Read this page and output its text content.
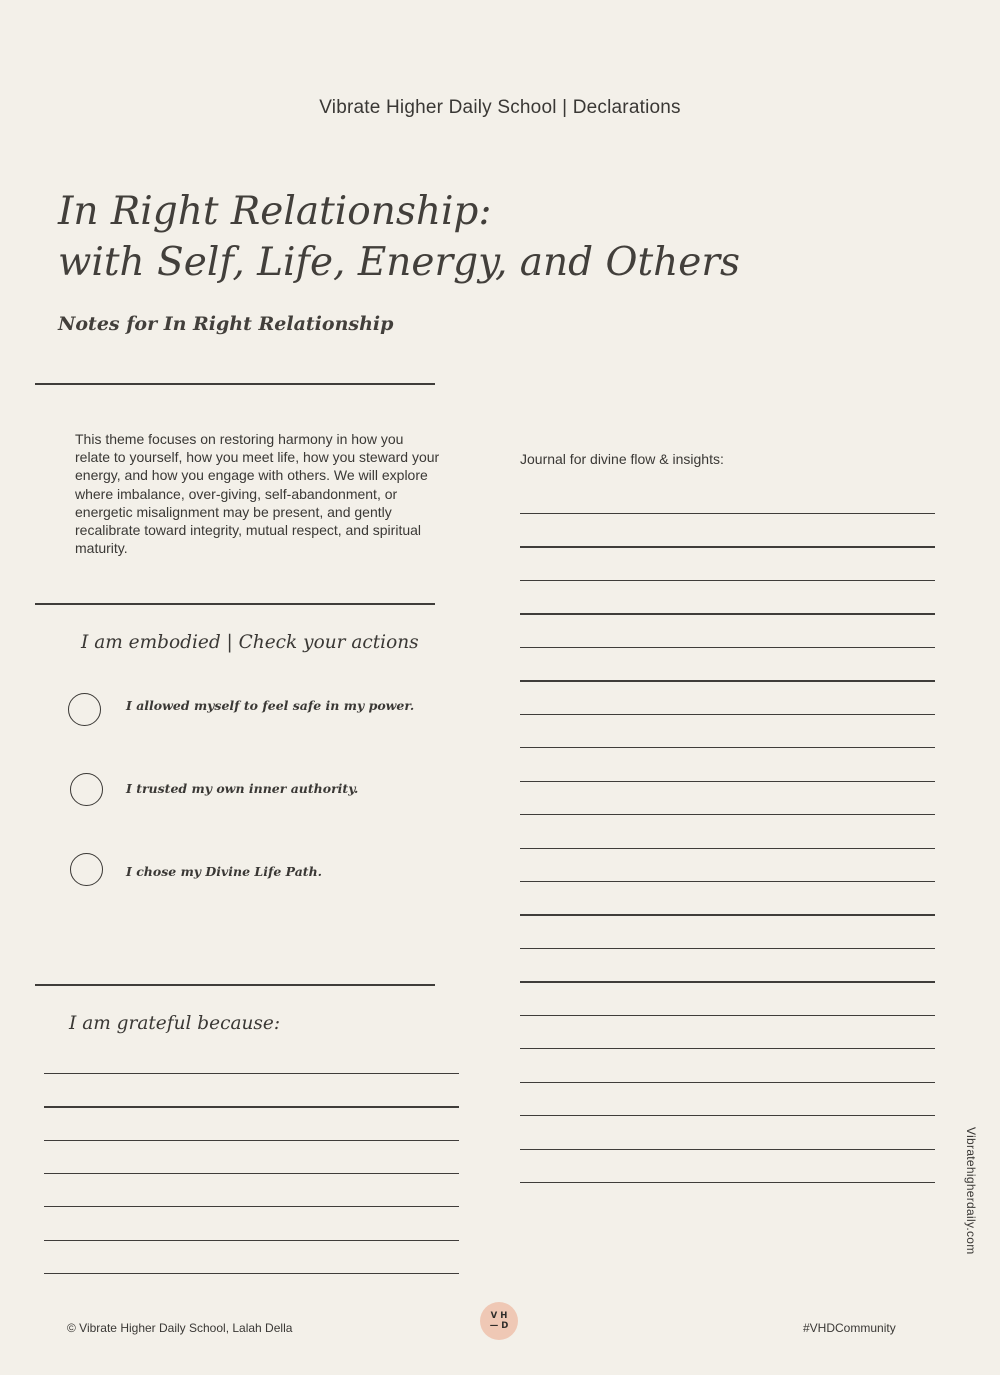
Vibrate Higher Daily School | Declarations
In Right Relationship:
with Self, Life, Energy, and Others
Notes for In Right Relationship
This theme focuses on restoring harmony in how you relate to yourself, how you meet life, how you steward your energy, and how you engage with others. We will explore where imbalance, over-giving, self-abandonment, or energetic misalignment may be present, and gently recalibrate toward integrity, mutual respect, and spiritual maturity.
I am embodied | Check your actions
I allowed myself to feel safe in my power.
I trusted my own inner authority.
I chose my Divine Life Path.
I am grateful because:
Journal for divine flow & insights:
© Vibrate Higher Daily School, Lalah Della
VH
—D	#VHDCommunity
Vibratehigherdaily.com
